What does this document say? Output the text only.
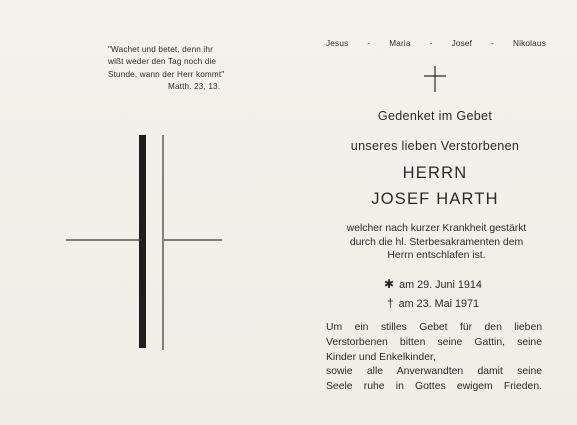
"Wachet und betet, denn ihr
wißt weder den Tag noch die
Stunde, wann der Herr kommt"

Matth. 23, 13.
Jesus - Maria - Josef - Nikolaus
Gedenket im Gebet
unseres lieben Verstorbenen
HERRN
JOSEF HARTH
welcher nach kurzer Krankheit gestärkt
durch die hl. Sterbesakramenten dem
Herrn entschlafen ist.
✱ am 29. Juni 1914
† am 23. Mai 1971
Um ein stilles Gebet für den lieben
Verstorbenen bitten seine Gattin, seine
Kinder und Enkelkinder,
sowie alle Anverwandten damit seine
Seele ruhe in Gottes ewigem Frieden.
